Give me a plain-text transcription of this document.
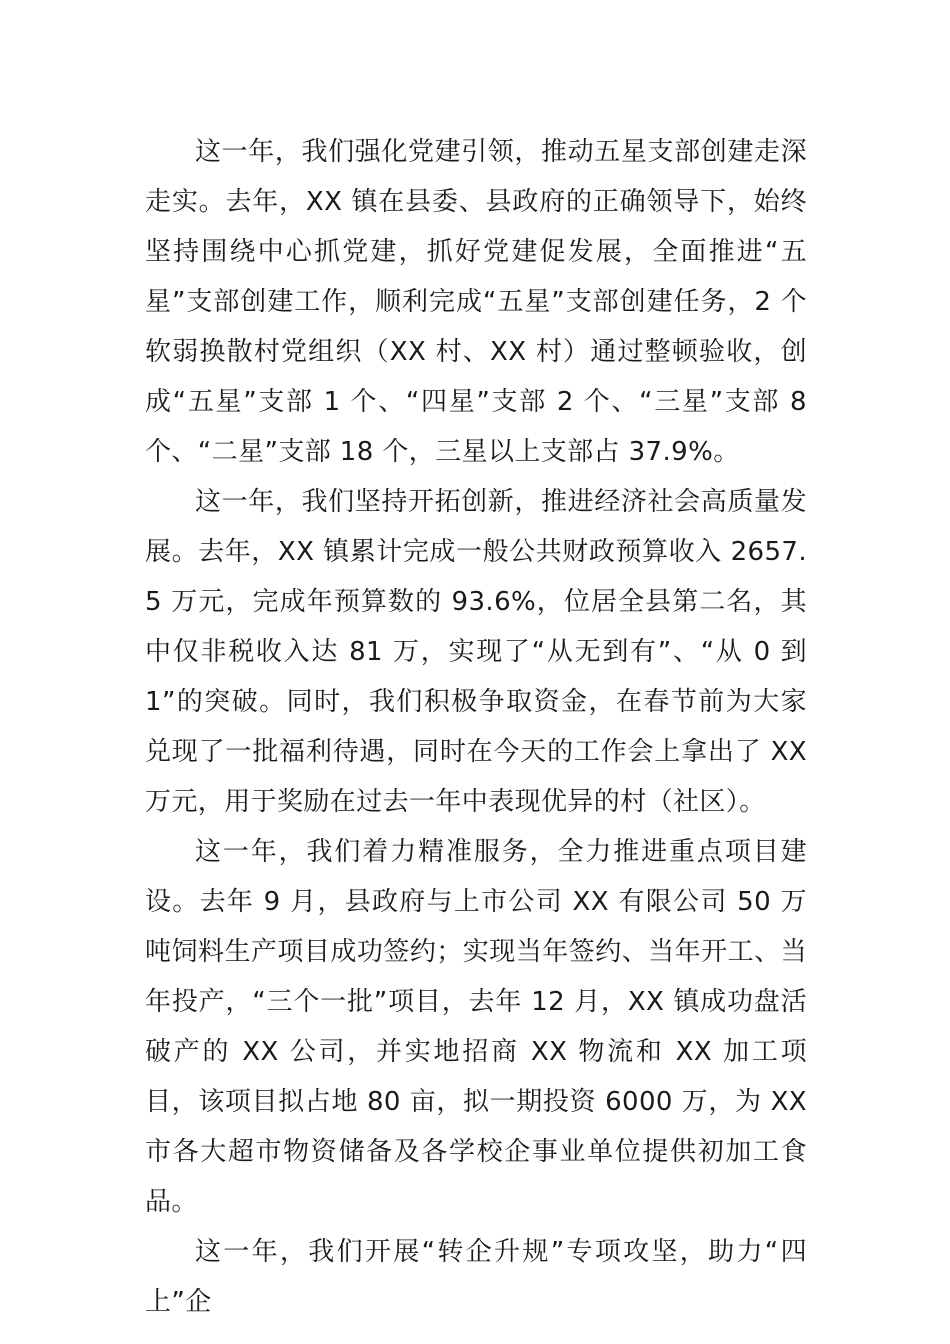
这一年，我们强化党建引领，推动五星支部创建走深走实。去年，XX 镇在县委、县政府的正确领导下，始终坚持围绕中心抓党建，抓好党建促发展，全面推进“五星”支部创建工作，顺利完成“五星”支部创建任务，2 个软弱换散村党组织（XX 村、XX 村）通过整顿验收，创成“五星”支部 1 个、“四星”支部 2 个、“三星”支部 8 个、“二星”支部 18 个，三星以上支部占 37.9%。

这一年，我们坚持开拓创新，推进经济社会高质量发展。去年，XX 镇累计完成一般公共财政预算收入 2657.5 万元，完成年预算数的 93.6%，位居全县第二名，其中仅非税收入达 81 万，实现了“从无到有”、“从 0 到 1”的突破。同时，我们积极争取资金，在春节前为大家兑现了一批福利待遇，同时在今天的工作会上拿出了 XX 万元，用于奖励在过去一年中表现优异的村（社区）。

这一年，我们着力精准服务，全力推进重点项目建设。去年 9 月，县政府与上市公司 XX 有限公司 50 万吨饲料生产项目成功签约；实现当年签约、当年开工、当年投产，“三个一批”项目，去年 12 月，XX 镇成功盘活破产的 XX 公司，并实地招商 XX 物流和 XX 加工项目，该项目拟占地 80 亩，拟一期投资 6000 万，为 XX 市各大超市物资储备及各学校企事业单位提供初加工食品。

这一年，我们开展“转企升规”专项攻坚，助力“四上”企
